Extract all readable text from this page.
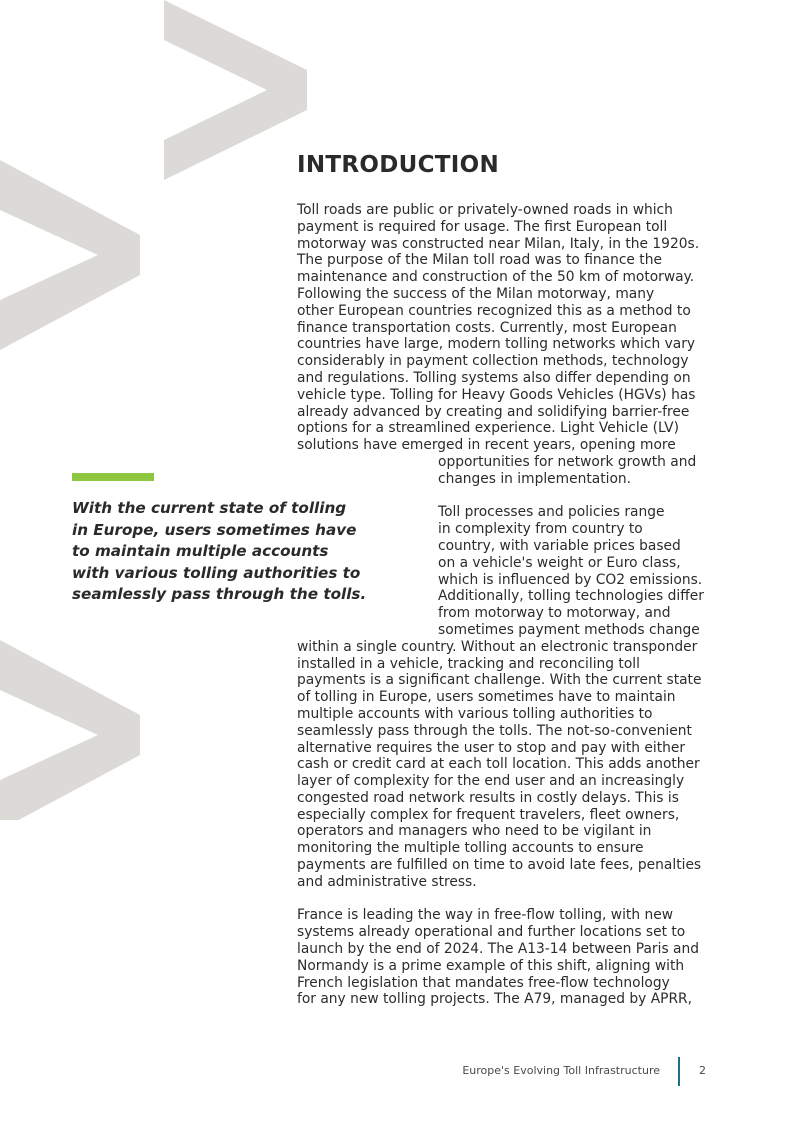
INTRODUCTION
Toll roads are public or privately-owned roads in which
payment is required for usage. The first European toll
motorway was constructed near Milan, Italy, in the 1920s.
The purpose of the Milan toll road was to finance the
maintenance and construction of the 50 km of motorway.
Following the success of the Milan motorway, many
other European countries recognized this as a method to
finance transportation costs. Currently, most European
countries have large, modern tolling networks which vary
considerably in payment collection methods, technology
and regulations. Tolling systems also differ depending on
vehicle type. Tolling for Heavy Goods Vehicles (HGVs) has
already advanced by creating and solidifying barrier-free
options for a streamlined experience. Light Vehicle (LV)
solutions have emerged in recent years, opening more
opportunities for network growth and
changes in implementation.
Toll processes and policies range
in complexity from country to
country, with variable prices based
on a vehicle's weight or Euro class,
which is influenced by CO2 emissions.
Additionally, tolling technologies differ
from motorway to motorway, and
sometimes payment methods change
within a single country. Without an electronic transponder
installed in a vehicle, tracking and reconciling toll
payments is a significant challenge. With the current state
of tolling in Europe, users sometimes have to maintain
multiple accounts with various tolling authorities to
seamlessly pass through the tolls. The not-so-convenient
alternative requires the user to stop and pay with either
cash or credit card at each toll location. This adds another
layer of complexity for the end user and an increasingly
congested road network results in costly delays. This is
especially complex for frequent travelers, fleet owners,
operators and managers who need to be vigilant in
monitoring the multiple tolling accounts to ensure
payments are fulfilled on time to avoid late fees, penalties
and administrative stress.
France is leading the way in free-flow tolling, with new
systems already operational and further locations set to
launch by the end of 2024. The A13-14 between Paris and
Normandy is a prime example of this shift, aligning with
French legislation that mandates free-flow technology
for any new tolling projects. The A79, managed by APRR,
With the current state of tolling
in Europe, users sometimes have
to maintain multiple accounts
with various tolling authorities to
seamlessly pass through the tolls.
Europe's Evolving Toll Infrastructure	2
